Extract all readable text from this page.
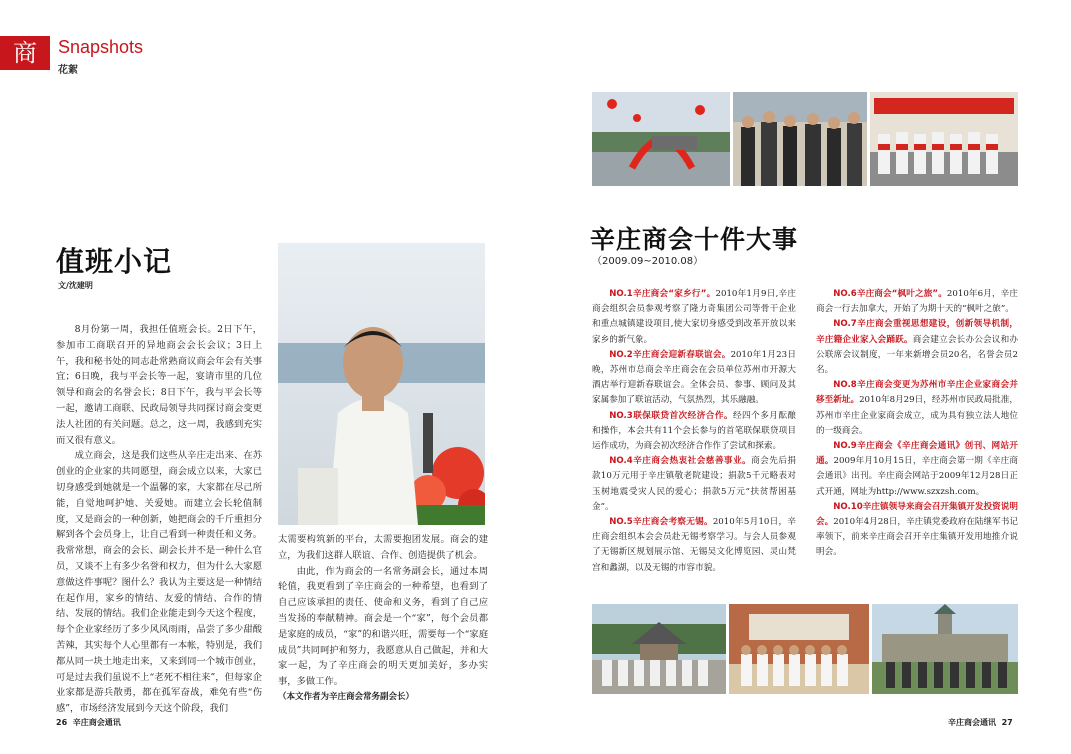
商	Snapshots
花絮
值班小记
文/沈建明

8月份第一周，我担任值班会长。2日下午，参加市工商联召开的异地商会会长会议；3日上午，我和秘书处的同志赴常熟商议商会年会有关事宜；6日晚，我与平会长等一起，宴请市里的几位领导和商会的名誉会长；8日下午，我与平会长等一起，邀请工商联、民政局领导共同探讨商会变更法人社团的有关问题。总之，这一周，我感到充实而又很有意义。

成立商会，这是我们这些从辛庄走出来、在苏创业的企业家的共同愿望，商会成立以来，大家已切身感受到她就是一个温馨的家，大家都在尽己所能，自觉地呵护她、关爱她。而建立会长轮值制度，又是商会的一种创新，她把商会的千斤重担分解到各个会员身上，让自己看到一种责任和义务。我常常想，商会的会长、副会长并不是一种什么官员，又谈不上有多少名誉和权力，但为什么大家愿意做这件事呢？图什么？我认为主要这是一种情结在起作用，家乡的情结、友爱的情结、合作的情结、发展的情结。我们企业能走到今天这个程度，每个企业家经历了多少风风雨雨，品尝了多少甜酸苦辣，其实每个人心里都有一本帐，特别是，我们都从同一块土地走出来，又来到同一个城市创业，可是过去我们虽说不上“老死不相往来”，但每家企业家都是游兵散勇，都在孤军奋战，难免有些“伤感”，市场经济发展到今天这个阶段，我们

太需要构筑新的平台，太需要抱团发展。商会的建立，为我们这群人联谊、合作、创造提供了机会。

由此，作为商会的一名常务副会长，通过本周轮值，我更看到了辛庄商会的一种希望，也看到了自己应该承担的责任、使命和义务，看到了自己应当发扬的奉献精神。商会是一个“家”，每个会员都是家庭的成员，“家”的和谐兴旺，需要每一个“家庭成员”共同呵护和努力，我愿意从自己做起，并和大家一起，为了辛庄商会的明天更加美好，多办实事，多做工作。

（本文作者为辛庄商会常务副会长）
辛庄商会十件大事
（2009.09~2010.08）

NO.1辛庄商会“家乡行”。2010年1月9日,辛庄商会组织会员参观考察了隆力奇集团公司等骨干企业和重点城镇建设项目,使大家切身感受到改革开放以来家乡的新气象。

NO.2辛庄商会迎新春联谊会。2010年1月23日晚，苏州市总商会辛庄商会在会员单位苏州市开源大酒店举行迎新春联谊会。全体会员、参事、顾问及其家属参加了联谊活动，气氛热烈，其乐融融。

NO.3联保联贷首次经济合作。经四个多月酝酿和操作，本会共有11个会长参与的首笔联保联贷项目运作成功，为商会初次经济合作作了尝试和探索。

NO.4辛庄商会热衷社会慈善事业。商会先后捐款10万元用于辛庄镇敬老院建设；捐款5千元略表对玉树地震受灾人民的爱心；捐款5万元“扶贫帮困基金”。

NO.5辛庄商会考察无锡。2010年5月10日，辛庄商会组织本会会员赴无锡考察学习。与会人员参观了无锡新区规划展示馆、无锡吴文化博览园、灵山梵宫和蠡湖，以及无锡的市容市貌。

NO.6辛庄商会“枫叶之旅”。2010年6月，辛庄商会一行去加拿大，开始了为期十天的“枫叶之旅”。

NO.7辛庄商会重视思想建设，创新领导机制，辛庄籍企业家入会踊跃。商会建立会长办公会议和办公联席会议制度，一年来新增会员20名，名誉会员2名。

NO.8辛庄商会变更为苏州市辛庄企业家商会并移至新址。2010年8月29日，经苏州市民政局批准，苏州市辛庄企业家商会成立，成为具有独立法人地位的一级商会。

NO.9辛庄商会《辛庄商会通讯》创刊、网站开通。2009年月10月15日，辛庄商会第一期《辛庄商会通讯》出刊。辛庄商会网站于2009年12月28日正式开通，网址为http://www.szxzsh.com。

NO.10辛庄镇领导来商会召开集镇开发投资说明会。2010年4月28日，辛庄镇党委政府在陆继军书记率领下，前来辛庄商会召开辛庄集镇开发用地推介说明会。

26 辛庄商会通讯	辛庄商会通讯 27
